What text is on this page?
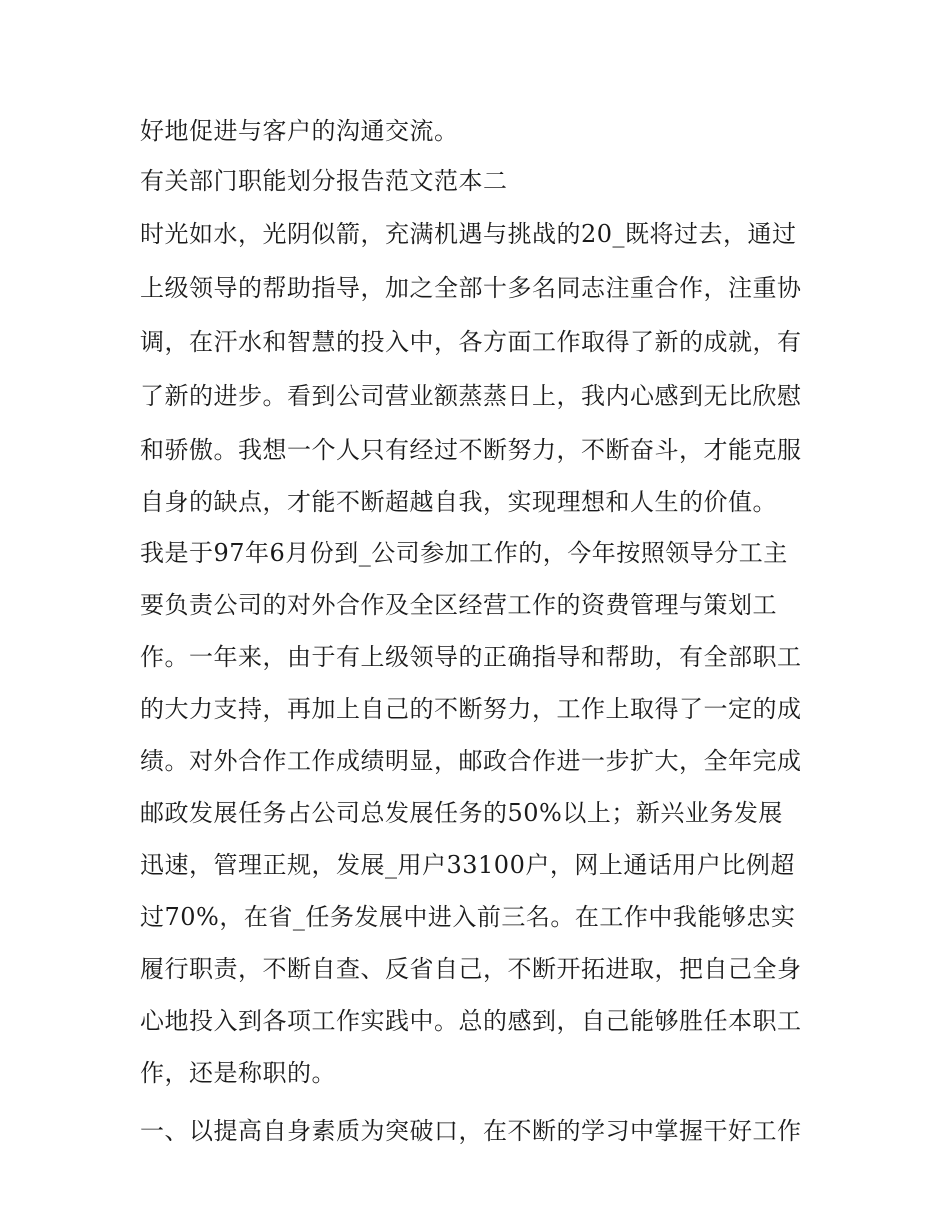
好地促进与客户的沟通交流。
有关部门职能划分报告范文范本二
时光如水，光阴似箭，充满机遇与挑战的20_既将过去，通过
上级领导的帮助指导，加之全部十多名同志注重合作，注重协
调，在汗水和智慧的投入中，各方面工作取得了新的成就，有
了新的进步。看到公司营业额蒸蒸日上，我内心感到无比欣慰
和骄傲。我想一个人只有经过不断努力，不断奋斗，才能克服
自身的缺点，才能不断超越自我，实现理想和人生的价值。
我是于97年6月份到_公司参加工作的，今年按照领导分工主
要负责公司的对外合作及全区经营工作的资费管理与策划工
作。一年来，由于有上级领导的正确指导和帮助，有全部职工
的大力支持，再加上自己的不断努力，工作上取得了一定的成
绩。对外合作工作成绩明显，邮政合作进一步扩大，全年完成
邮政发展任务占公司总发展任务的50%以上；新兴业务发展
迅速，管理正规，发展_用户33100户，网上通话用户比例超
过70%，在省_任务发展中进入前三名。在工作中我能够忠实
履行职责，不断自查、反省自己，不断开拓进取，把自己全身
心地投入到各项工作实践中。总的感到，自己能够胜任本职工
作，还是称职的。
一、以提高自身素质为突破口，在不断的学习中掌握干好工作
